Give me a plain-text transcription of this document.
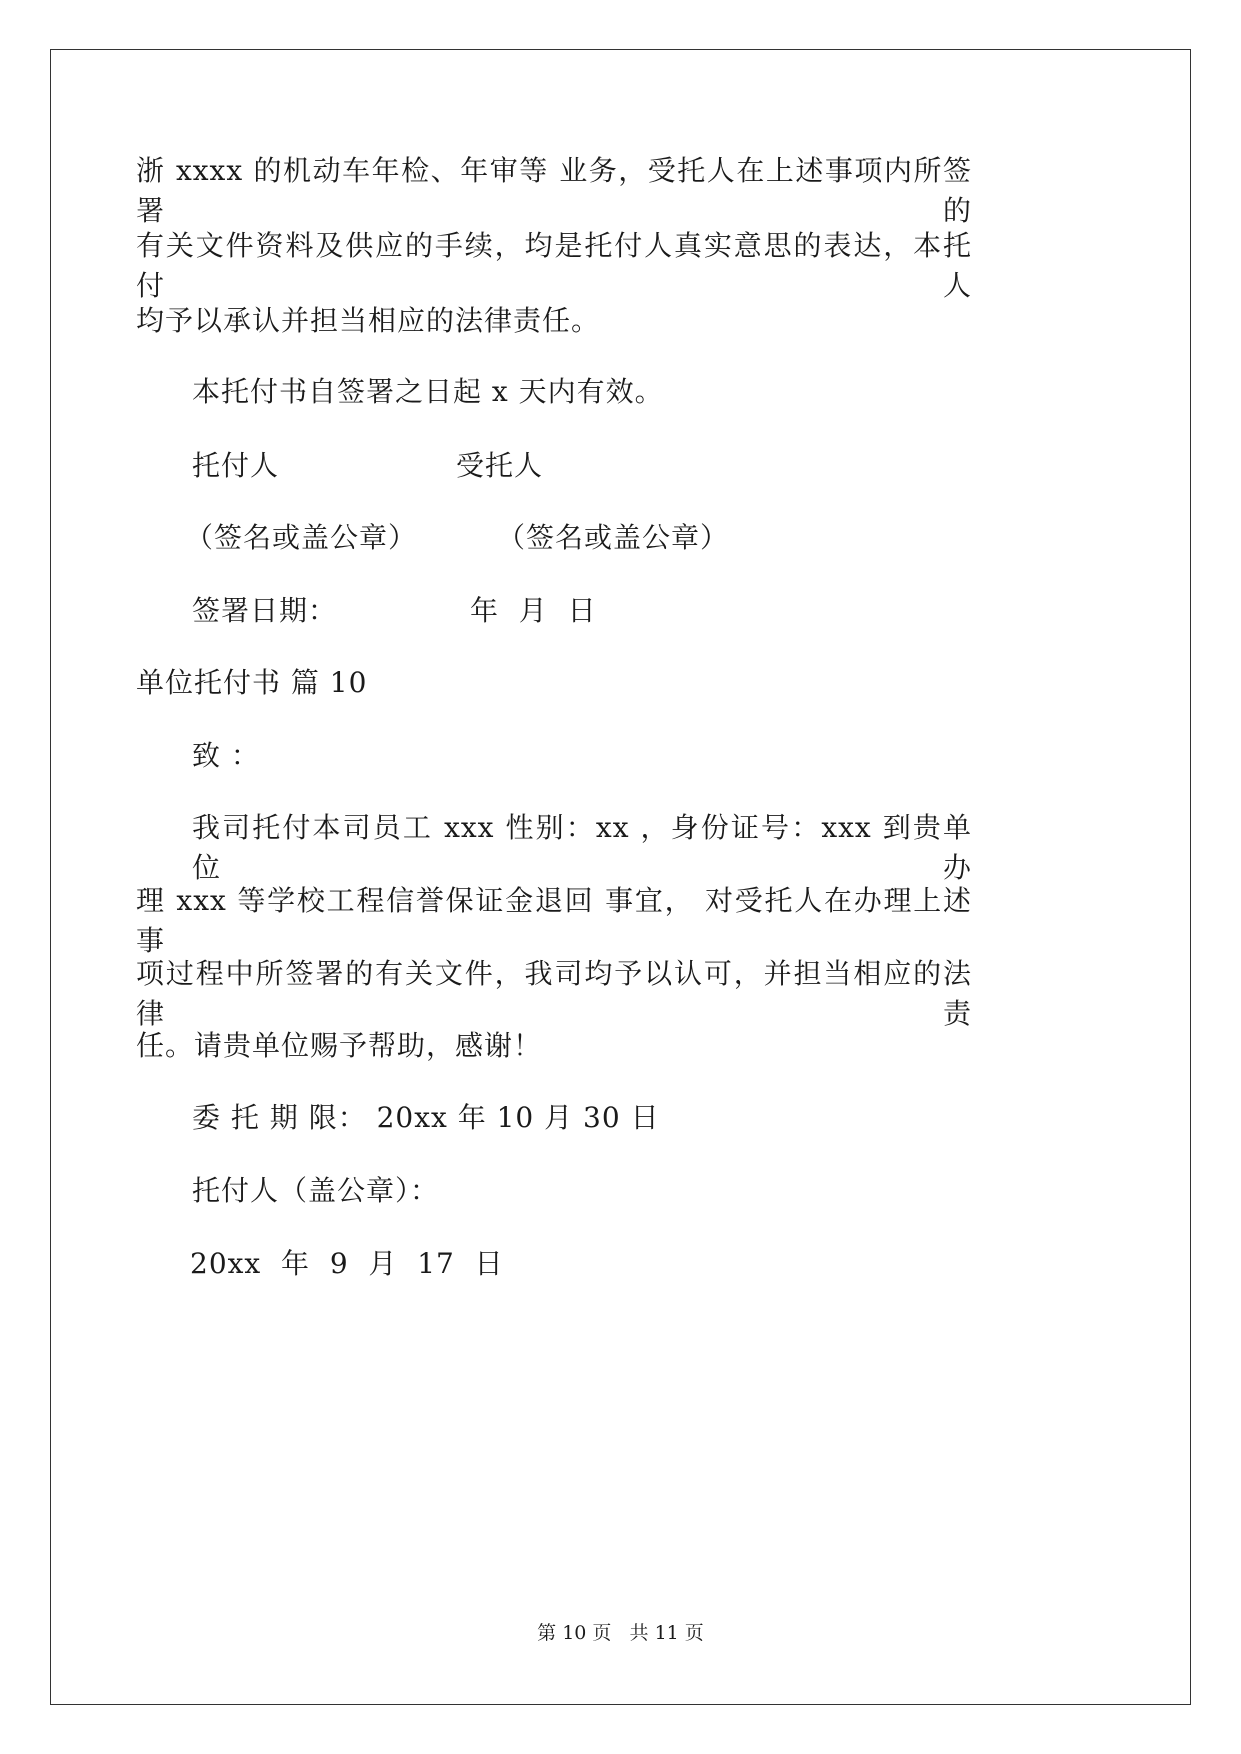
浙 xxxx 的机动车年检、年审等 业务，受托人在上述事项内所签署的
有关文件资料及供应的手续，均是托付人真实意思的表达，本托付人
均予以承认并担当相应的法律责任。
本托付书自签署之日起 x 天内有效。
托付人	受托人
（签名或盖公章）	（签名或盖公章）
签署日期：	年  月  日
单位托付书 篇 10
致 ：
我司托付本司员工 xxx 性别：xx ，身份证号：xxx 到贵单位办
理 xxx 等学校工程信誉保证金退回 事宜， 对受托人在办理上述事
项过程中所签署的有关文件，我司均予以认可，并担当相应的法律责
任。请贵单位赐予帮助，感谢！
委 托 期 限： 20xx 年 10 月 30 日
托付人（盖公章）：
20xx  年  9  月  17  日
第 10 页   共 11 页
